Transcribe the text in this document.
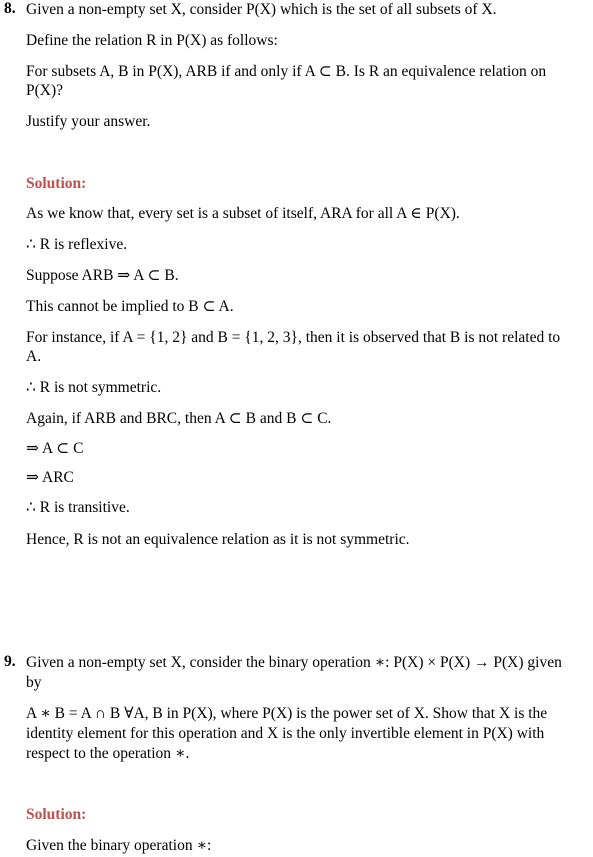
8. Given a non-empty set X, consider P(X) which is the set of all subsets of X.
Define the relation R in P(X) as follows:
For subsets A, B in P(X), ARB if and only if A ⊂ B. Is R an equivalence relation on
P(X)?
Justify your answer.
Solution:
As we know that, every set is a subset of itself, ARA for all A ∈ P(X).
∴ R is reflexive.
Suppose ARB ⇒ A ⊂ B.
This cannot be implied to B ⊂ A.
For instance, if A = {1, 2} and B = {1, 2, 3}, then it is observed that B is not related to
A.
∴ R is not symmetric.
Again, if ARB and BRC, then A ⊂ B and B ⊂ C.
⇒ A ⊂ C
⇒ ARC
∴ R is transitive.
Hence, R is not an equivalence relation as it is not symmetric.
9. Given a non-empty set X, consider the binary operation ∗: P(X) × P(X) → P(X) given
by
A ∗ B = A ∩ B ∀A, B in P(X), where P(X) is the power set of X. Show that X is the
identity element for this operation and X is the only invertible element in P(X) with
respect to the operation ∗.
Solution:
Given the binary operation ∗:
